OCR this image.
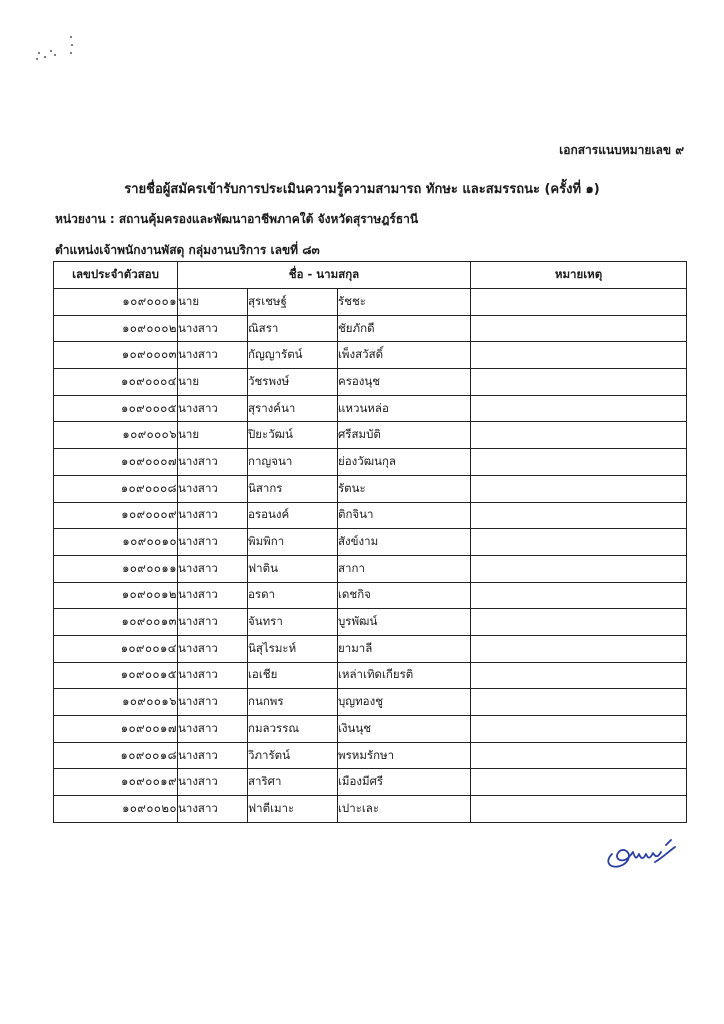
เอกสารแนบหมายเลข ๙
รายชื่อผู้สมัครเข้ารับการประเมินความรู้ความสามารถ ทักษะ และสมรรถนะ (ครั้งที่ ๑)
หน่วยงาน : สถานคุ้มครองและพัฒนาอาชีพภาคใต้ จังหวัดสุราษฎร์ธานี
ตำแหน่งเจ้าพนักงานพัสดุ กลุ่มงานบริการ เลขที่ ๘๓
เลขประจำตัวสอบ	ชื่อ - นามสกุล			หมายเหตุ
๑๐๙๐๐๐๑	นาย	สุรเชษฐ์	รัชชะ	
๑๐๙๐๐๐๒	นางสาว	ณิสรา	ชัยภักดี	
๑๐๙๐๐๐๓	นางสาว	กัญญารัตน์	เพ็งสวัสดิ์	
๑๐๙๐๐๐๔	นาย	วัชรพงษ์	ครองนุช	
๑๐๙๐๐๐๕	นางสาว	สุรางค์นา	แหวนหล่อ	
๑๐๙๐๐๐๖	นาย	ปิยะวัฒน์	ศรีสมบัติ	
๑๐๙๐๐๐๗	นางสาว	กาญจนา	ย่องวัฒนกุล	
๑๐๙๐๐๐๘	นางสาว	นิสากร	รัตนะ	
๑๐๙๐๐๐๙	นางสาว	อรอนงค์	ติกจินา	
๑๐๙๐๐๑๐	นางสาว	พิมพิกา	สังข์งาม	
๑๐๙๐๐๑๑	นางสาว	ฟาติน	สากา	
๑๐๙๐๐๑๒	นางสาว	อรดา	เดชกิจ	
๑๐๙๐๐๑๓	นางสาว	จันทรา	บูรพัฒน์	
๑๐๙๐๐๑๔	นางสาว	นิสุไรมะห์	ยามาลี	
๑๐๙๐๐๑๕	นางสาว	เอเชีย	เหล่าเทิดเกียรติ	
๑๐๙๐๐๑๖	นางสาว	กนกพร	บุญทองชู	
๑๐๙๐๐๑๗	นางสาว	กมลวรรณ	เงินนุช	
๑๐๙๐๐๑๘	นางสาว	วิภารัตน์	พรหมรักษา	
๑๐๙๐๐๑๙	นางสาว	สาริศา	เมืองมีศรี	
๑๐๙๐๐๒๐	นางสาว	ฟาตีเมาะ	เปาะเละ	
